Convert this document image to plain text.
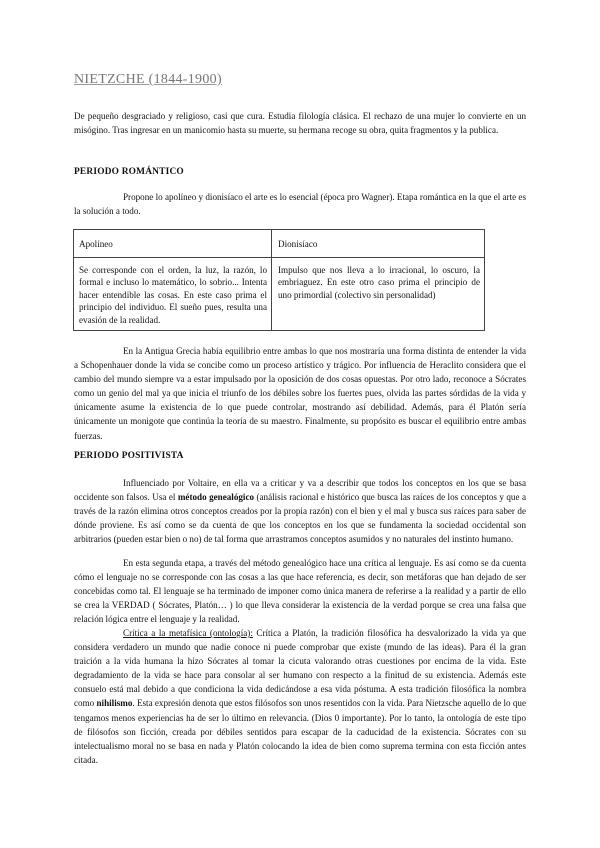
NIETZCHE (1844-1900)

De pequeño desgraciado y religioso, casi que cura. Estudia filología clásica. El rechazo de una mujer lo convierte en un misógino. Tras ingresar en un manicomio hasta su muerte, su hermana recoge su obra, quita fragmentos y la publica.

PERIODO ROMÁNTICO

Propone lo apolíneo y dionisíaco el arte es lo esencial (época pro Wagner). Etapa romántica en la que el arte es la solución a todo.

Apolíneo	Dionisíaco

Se corresponde con el orden, la luz, la razón, lo formal e incluso lo matemático, lo sobrio... Intenta hacer entendible las cosas. En este caso prima el principio del individuo. El sueño pues, resulta una evasión de la realidad.

Impulso que nos lleva a lo irracional, lo oscuro, la embriaguez. En este otro caso prima el principio de uno primordial (colectivo sin personalidad)

En la Antigua Grecia había equilibrio entre ambas lo que nos mostraría una forma distinta de entender la vida a Schopenhauer donde la vida se concibe como un proceso artístico y trágico. Por influencia de Heraclito considera que el cambio del mundo siempre va a estar impulsado por la oposición de dos cosas opuestas. Por otro lado, reconoce a Sócrates como un genio del mal ya que inicia el triunfo de los débiles sobre los fuertes pues, olvida las partes sórdidas de la vida y únicamente asume la existencia de lo que puede controlar, mostrando así debilidad. Además, para él Platón sería únicamente un monigote que continúa la teoría de su maestro. Finalmente, su propósito es buscar el equilibrio entre ambas fuerzas.

PERIODO POSITIVISTA

Influenciado por Voltaire, en ella va a criticar y va a describir que todos los conceptos en los que se basa occidente son falsos. Usa el método genealógico (análisis racional e histórico que busca las raíces de los conceptos y que a través de la razón elimina otros conceptos creados por la propia razón) con el bien y el mal y busca sus raíces para saber de dónde proviene. Es así como se da cuenta de que los conceptos en los que se fundamenta la sociedad occidental son arbitrarios (pueden estar bien o no) de tal forma que arrastramos conceptos asumidos y no naturales del instinto humano.

En esta segunda etapa, a través del método genealógico hace una crítica al lenguaje. Es así como se da cuenta cómo el lenguaje no se corresponde con las cosas a las que hace referencia, es decir, son metáforas que han dejado de ser concebidas como tal. El lenguaje se ha terminado de imponer como única manera de referirse a la realidad y a partir de ello se crea la VERDAD ( Sócrates, Platón… ) lo que lleva considerar la existencia de la verdad porque se crea una falsa que relación lógica entre el lenguaje y la realidad.

Crítica a la metafísica (ontología): Crítica a Platón, la tradición filosófica ha desvalorizado la vida ya que considera verdadero un mundo que nadie conoce ni puede comprobar que existe (mundo de las ideas). Para él la gran traición a la vida humana la hizo Sócrates al tomar la cicuta valorando otras cuestiones por encima de la vida. Este degradamiento de la vida se hace para consolar al ser humano con respecto a la finitud de su existencia. Además este consuelo está mal debido a que condiciona la vida dedicándose a esa vida póstuma. A esta tradición filosófica la nombra como nihilismo. Esta expresión denota que estos filósofos son unos resentidos con la vida. Para Nietzsche aquello de lo que tengamos menos experiencias ha de ser lo último en relevancia. (Dios 0 importante). Por lo tanto, la ontología de este tipo de filósofos son ficción, creada por débiles sentidos para escapar de la caducidad de la existencia. Sócrates con su intelectualismo moral no se basa en nada y Platón colocando la idea de bien como suprema termina con esta ficción antes citada.
